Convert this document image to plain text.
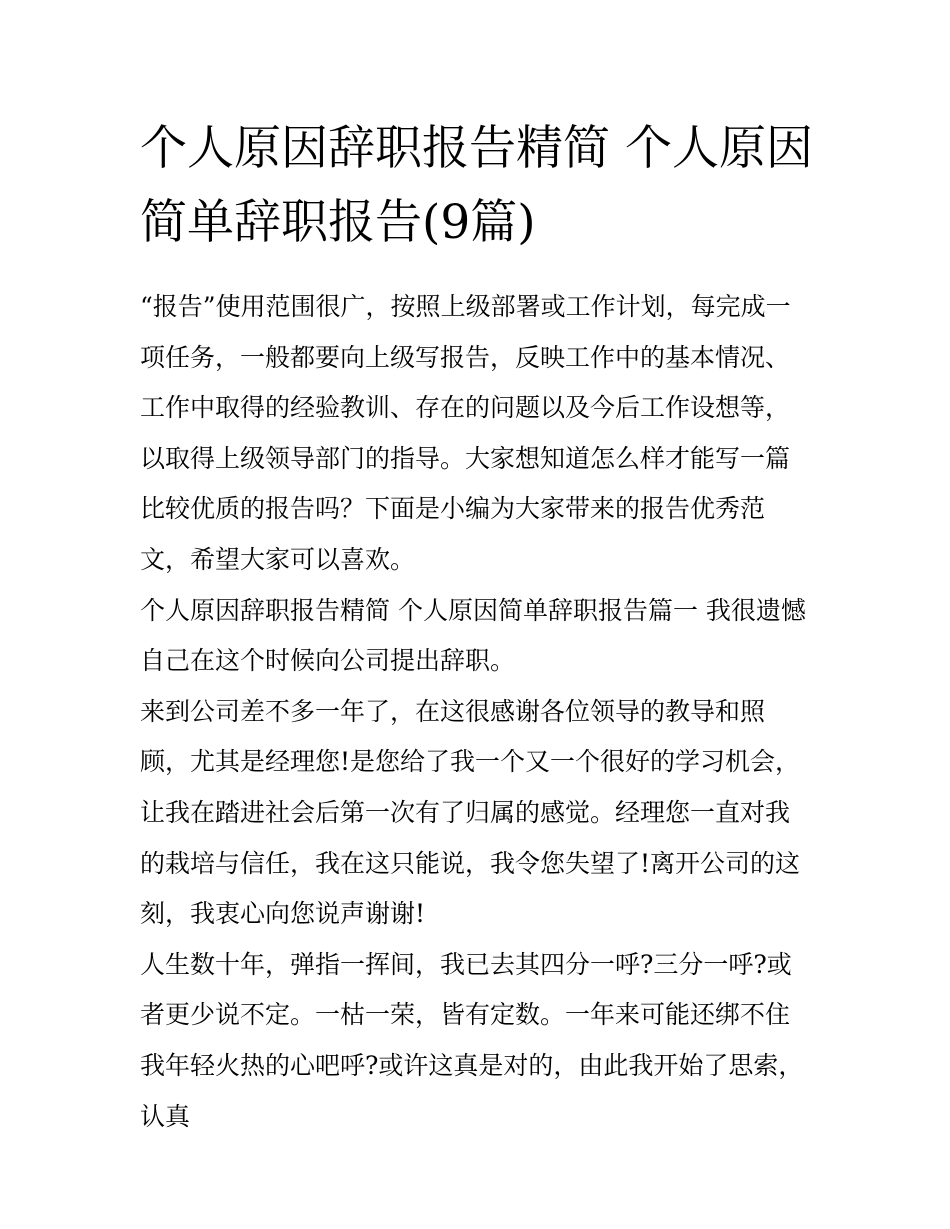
个人原因辞职报告精简 个人原因简单辞职报告(9篇)

“报告”使用范围很广，按照上级部署或工作计划，每完成一项任务，一般都要向上级写报告，反映工作中的基本情况、工作中取得的经验教训、存在的问题以及今后工作设想等，以取得上级领导部门的指导。大家想知道怎么样才能写一篇比较优质的报告吗？下面是小编为大家带来的报告优秀范文，希望大家可以喜欢。

个人原因辞职报告精简 个人原因简单辞职报告篇一 我很遗憾自己在这个时候向公司提出辞职。

来到公司差不多一年了，在这很感谢各位领导的教导和照顾，尤其是经理您!是您给了我一个又一个很好的学习机会，让我在踏进社会后第一次有了归属的感觉。经理您一直对我的栽培与信任，我在这只能说，我令您失望了!离开公司的这刻，我衷心向您说声谢谢!

人生数十年，弹指一挥间，我已去其四分一呼?三分一呼?或者更少说不定。一枯一荣，皆有定数。一年来可能还绑不住我年轻火热的心吧呼?或许这真是对的，由此我开始了思索，认真
